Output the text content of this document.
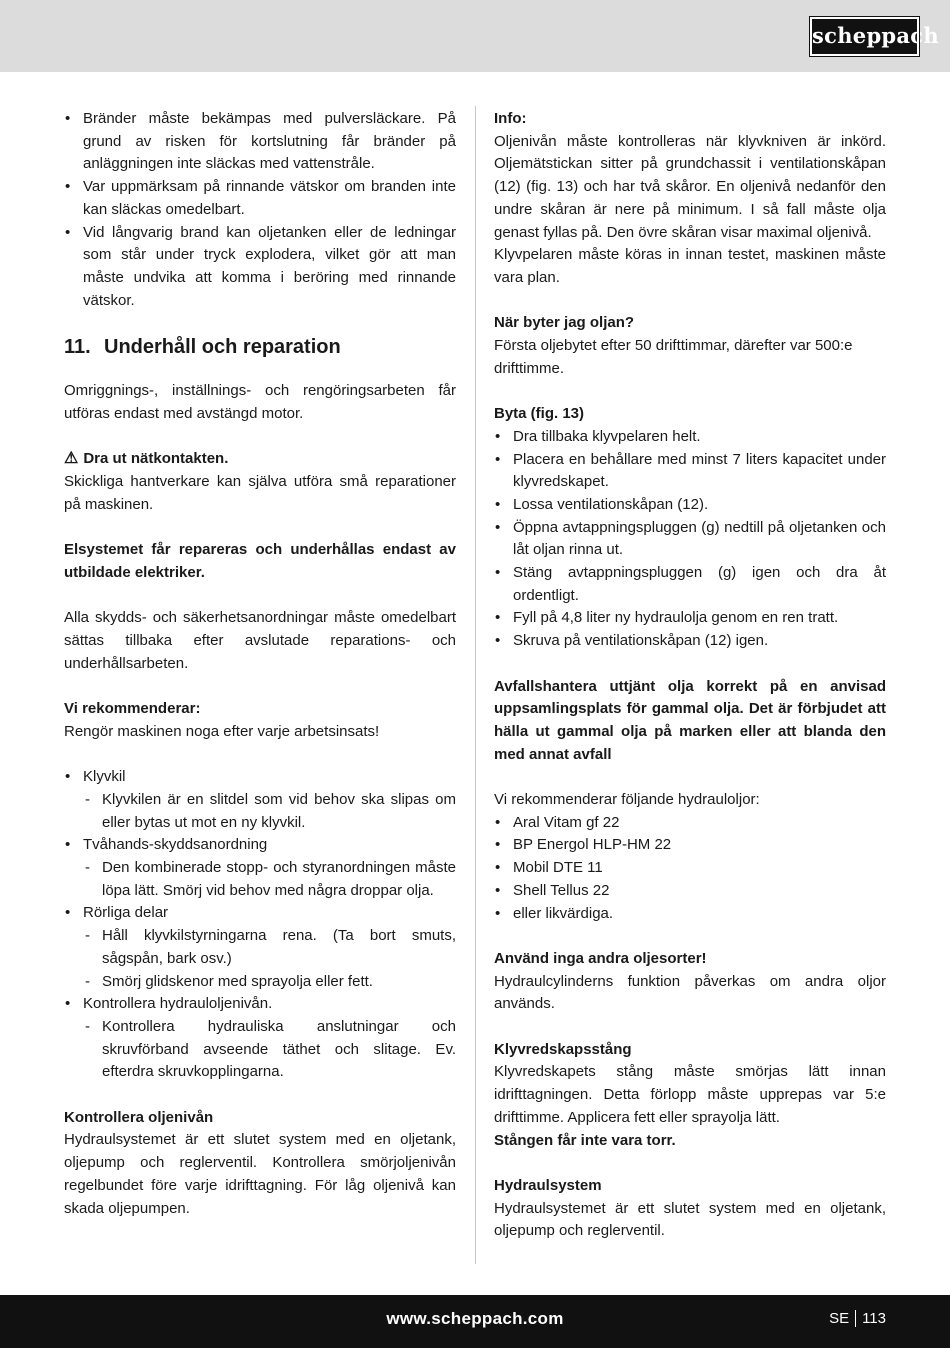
scheppach
• Bränder måste bekämpas med pulversläckare. På grund av risken för kortslutning får bränder på anläggningen inte släckas med vattenstråle.
• Var uppmärksam på rinnande vätskor om branden inte kan släckas omedelbart.
• Vid långvarig brand kan oljetanken eller de ledningar som står under tryck explodera, vilket gör att man måste undvika att komma i beröring med rinnande vätskor.
11. Underhåll och reparation

Omriggnings-, inställnings- och rengöringsarbeten får utföras endast med avstängd motor.

⚠ Dra ut nätkontakten.

Skickliga hantverkare kan själva utföra små reparationer på maskinen.

Elsystemet får repareras och underhållas endast av utbildade elektriker.

Alla skydds- och säkerhetsanordningar måste omedelbart sättas tillbaka efter avslutade reparations- och underhållsarbeten.

Vi rekommenderar:

Rengör maskinen noga efter varje arbetsinsats!

• Klyvkil
- Klyvkilen är en slitdel som vid behov ska slipas om eller bytas ut mot en ny klyvkil.
• Tvåhands-skyddsanordning
- Den kombinerade stopp- och styranordningen måste löpa lätt. Smörj vid behov med några droppar olja.
• Rörliga delar
- Håll klyvkilstyrningarna rena. (Ta bort smuts, sågspån, bark osv.)
- Smörj glidskenor med sprayolja eller fett.
• Kontrollera hydrauloljenivån.
- Kontrollera hydrauliska anslutningar och skruvförband avseende täthet och slitage. Ev. efterdra skruvkopplingarna.

Kontrollera oljenivån

Hydraulsystemet är ett slutet system med en oljetank, oljepump och reglerventil. Kontrollera smörjoljenivån regelbundet före varje idrifttagning. För låg oljenivå kan skada oljepumpen.

Info:

Oljenivån måste kontrolleras när klyvkniven är inkörd. Oljemätstickan sitter på grundchassit i ventilationskåpan (12) (fig. 13) och har två skåror. En oljenivå nedanför den undre skåran är nere på minimum. I så fall måste olja genast fyllas på. Den övre skåran visar maximal oljenivå.

Klyvpelaren måste köras in innan testet, maskinen måste vara plan.

När byter jag oljan?

Första oljebytet efter 50 drifttimmar, därefter var 500:e drifttimme.

Byta (fig. 13)

• Dra tillbaka klyvpelaren helt.
• Placera en behållare med minst 7 liters kapacitet under klyvredskapet.
• Lossa ventilationskåpan (12).
• Öppna avtappningspluggen (g) nedtill på oljetanken och låt oljan rinna ut.
• Stäng avtappningspluggen (g) igen och dra åt ordentligt.
• Fyll på 4,8 liter ny hydraulolja genom en ren tratt.
• Skruva på ventilationskåpan (12) igen.

Avfallshantera uttjänt olja korrekt på en anvisad uppsamlingsplats för gammal olja. Det är förbjudet att hälla ut gammal olja på marken eller att blanda den med annat avfall

Vi rekommenderar följande hydrauloljor:

• Aral Vitam gf 22
• BP Energol HLP-HM 22
• Mobil DTE 11
• Shell Tellus 22
• eller likvärdiga.

Använd inga andra oljesorter!

Hydraulcylinderns funktion påverkas om andra oljor används.

Klyvredskapsstång

Klyvredskapets stång måste smörjas lätt innan idrifttagningen. Detta förlopp måste upprepas var 5:e drifttimme. Applicera fett eller sprayolja lätt.

Stången får inte vara torr.

Hydraulsystem

Hydraulsystemet är ett slutet system med en oljetank, oljepump och reglerventil.

www.scheppach.com	SE 113
